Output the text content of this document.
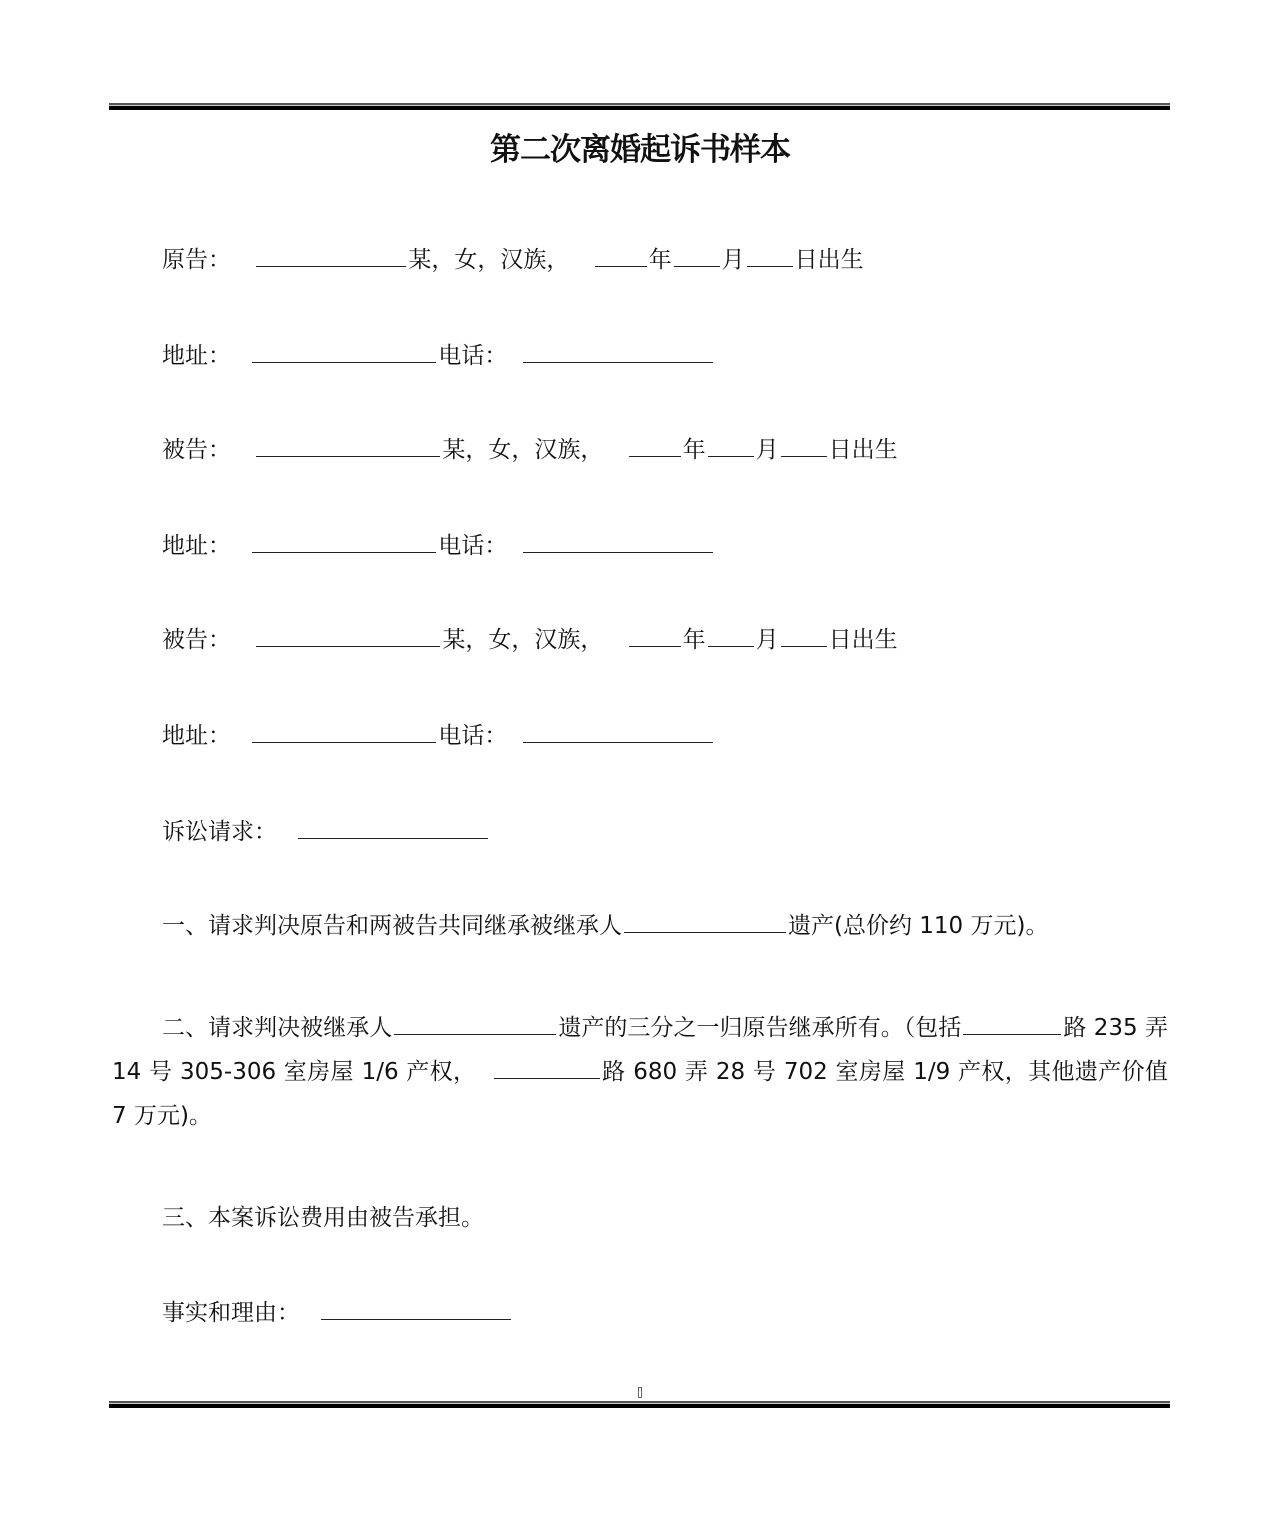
第二次离婚起诉书样本
原告：	某，女，汉族，	年 月 日出生
地址：	电话：
被告：	某，女，汉族，	年 月 日出生
地址：	电话：
被告：	某，女，汉族，	年 月 日出生
地址：	电话：
诉讼请求：
一、请求判决原告和两被告共同继承被继承人	遗产(总价约 110 万元)。
二、请求判决被继承人	遗产的三分之一归原告继承所有。（包括	路 235 弄 14 号 305-306 室房屋 1/6 产权，	路 680 弄 28 号 702 室房屋 1/9 产权，其他遗产价值 7 万元)。
三、本案诉讼费用由被告承担。
事实和理由：
